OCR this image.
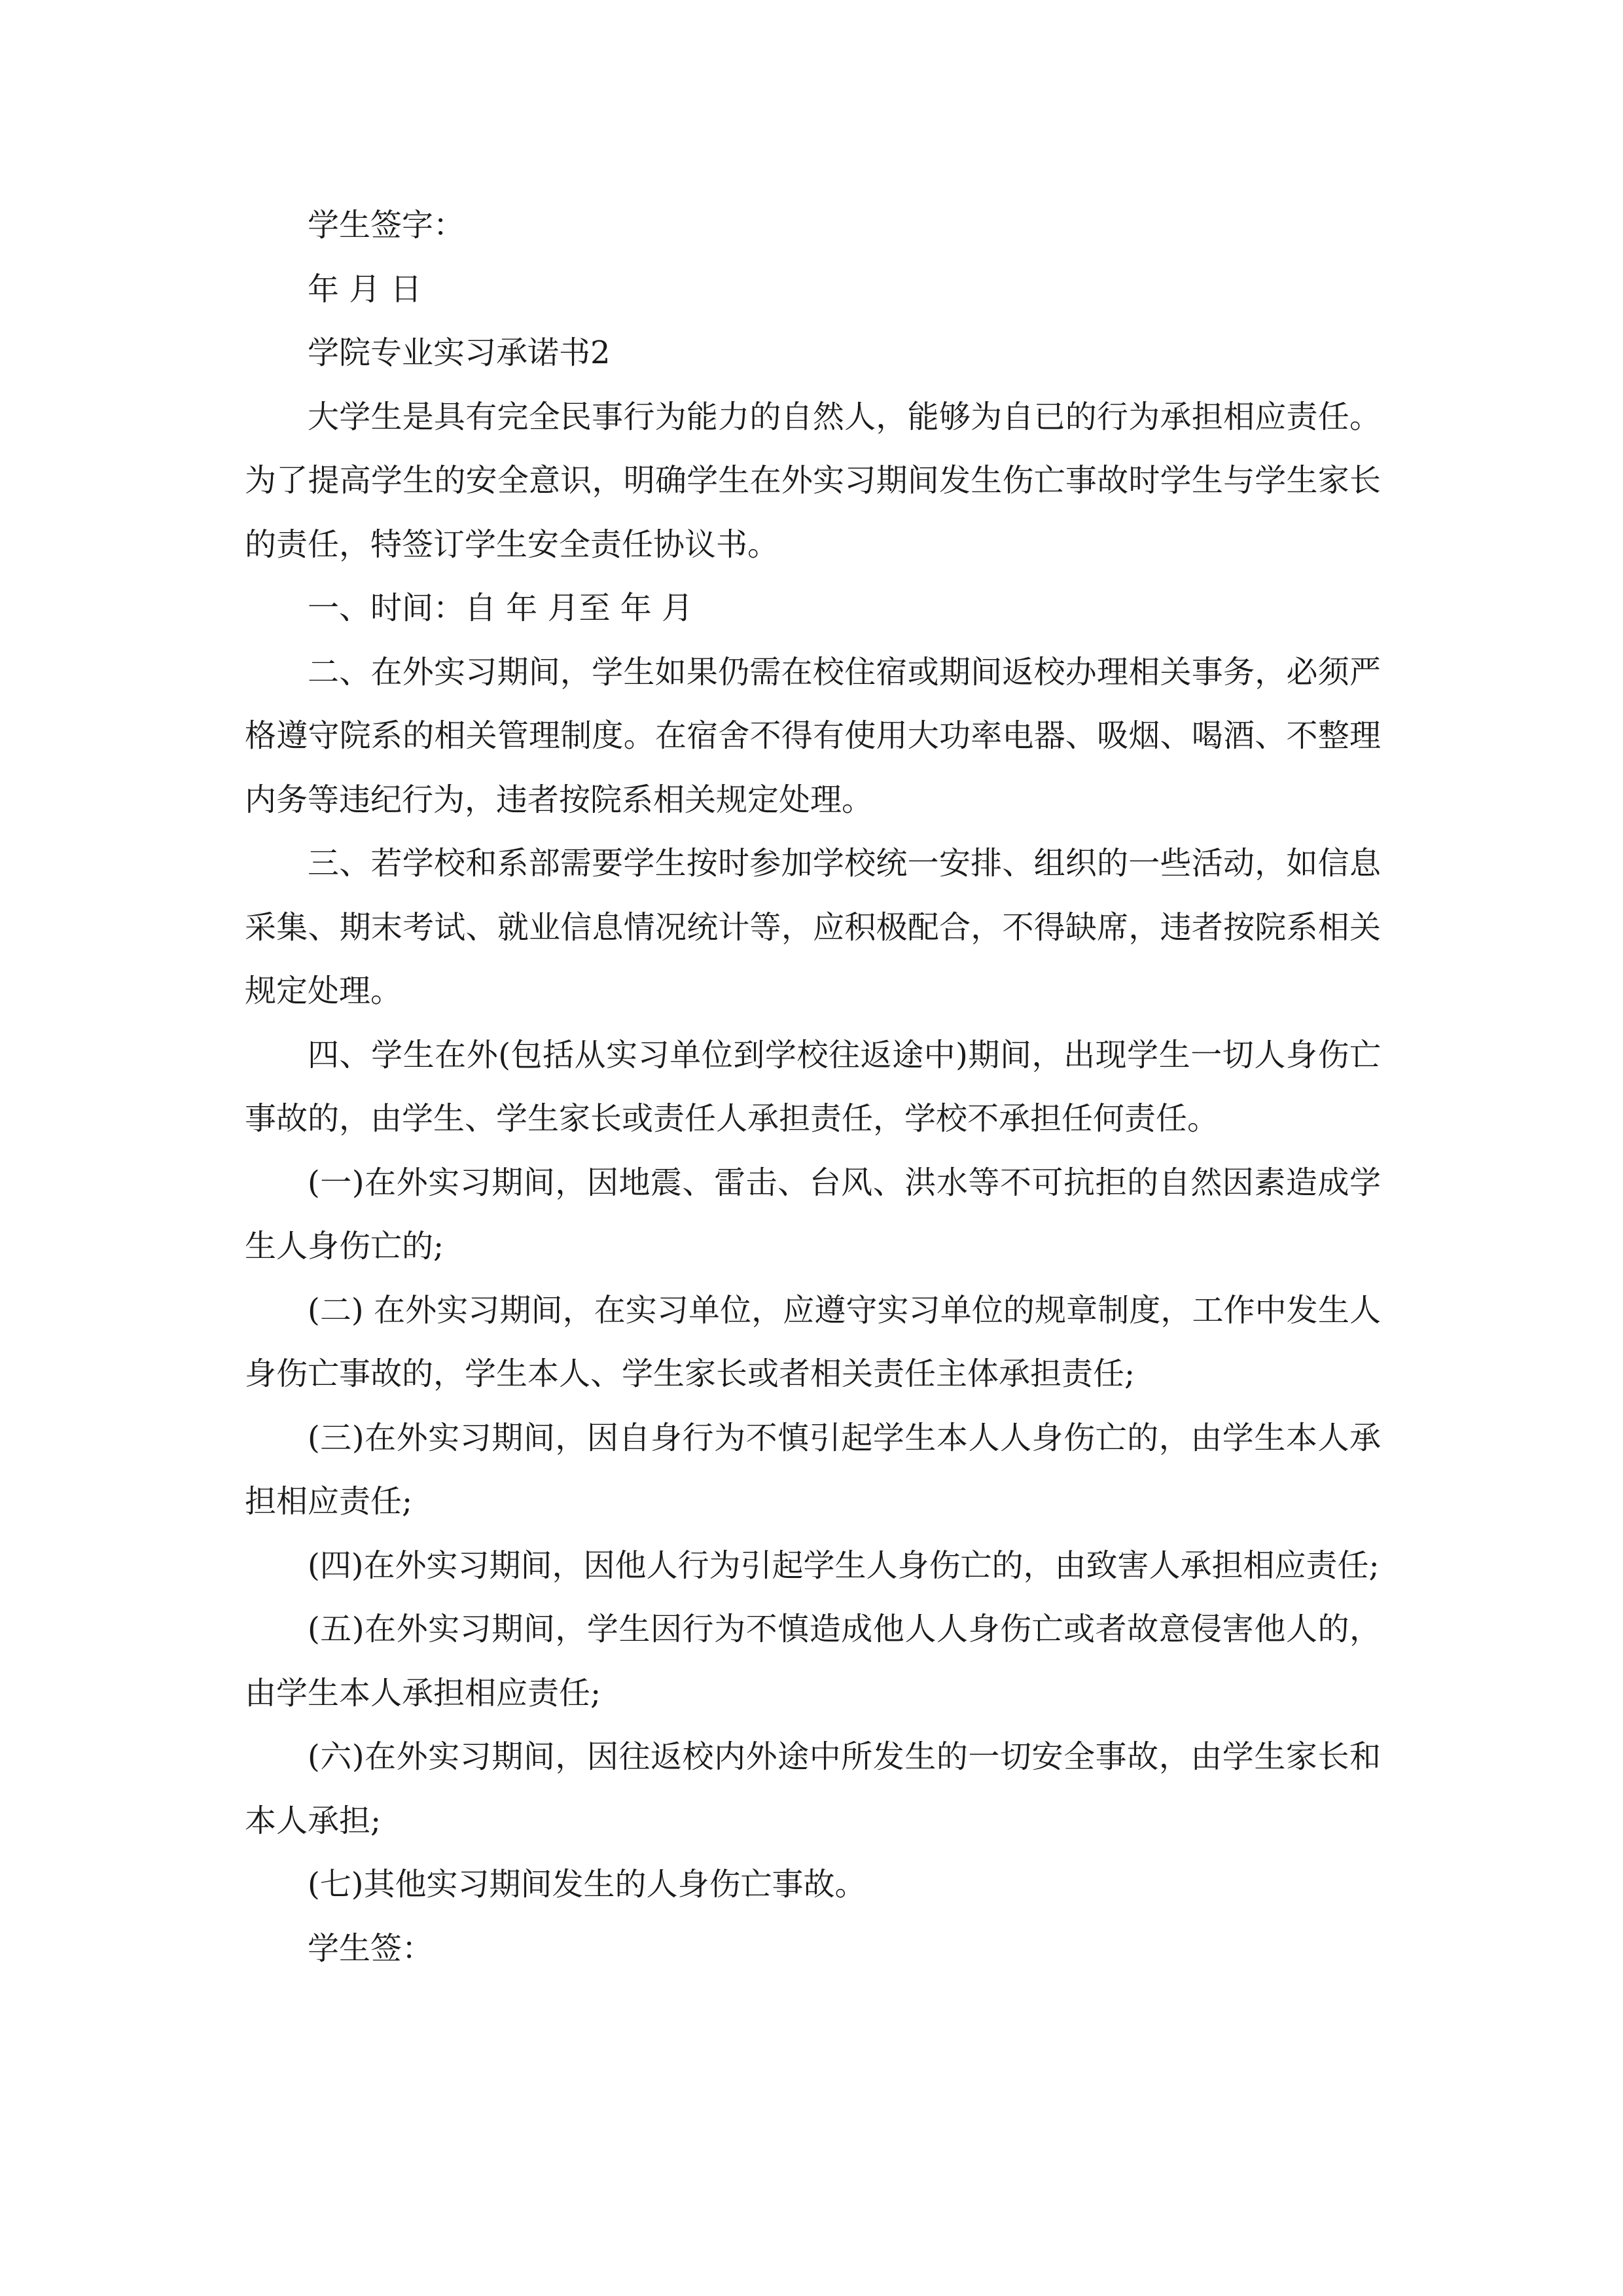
学生签字：

年 月 日

学院专业实习承诺书2

大学生是具有完全民事行为能力的自然人，能够为自已的行为承担相应责任。为了提高学生的安全意识，明确学生在外实习期间发生伤亡事故时学生与学生家长的责任，特签订学生安全责任协议书。

一、时间：自 年 月至 年 月

二、在外实习期间，学生如果仍需在校住宿或期间返校办理相关事务，必须严格遵守院系的相关管理制度。在宿舍不得有使用大功率电器、吸烟、喝酒、不整理内务等违纪行为，违者按院系相关规定处理。

三、若学校和系部需要学生按时参加学校统一安排、组织的一些活动，如信息采集、期末考试、就业信息情况统计等，应积极配合，不得缺席，违者按院系相关规定处理。

四、学生在外(包括从实习单位到学校往返途中)期间，出现学生一切人身伤亡事故的，由学生、学生家长或责任人承担责任，学校不承担任何责任。

(一)在外实习期间，因地震、雷击、台风、洪水等不可抗拒的自然因素造成学生人身伤亡的;

(二) 在外实习期间，在实习单位，应遵守实习单位的规章制度，工作中发生人身伤亡事故的，学生本人、学生家长或者相关责任主体承担责任;

(三)在外实习期间，因自身行为不慎引起学生本人人身伤亡的，由学生本人承担相应责任;

(四)在外实习期间，因他人行为引起学生人身伤亡的，由致害人承担相应责任;

(五)在外实习期间，学生因行为不慎造成他人人身伤亡或者故意侵害他人的，由学生本人承担相应责任;

(六)在外实习期间，因往返校内外途中所发生的一切安全事故，由学生家长和本人承担;

(七)其他实习期间发生的人身伤亡事故。

学生签：
